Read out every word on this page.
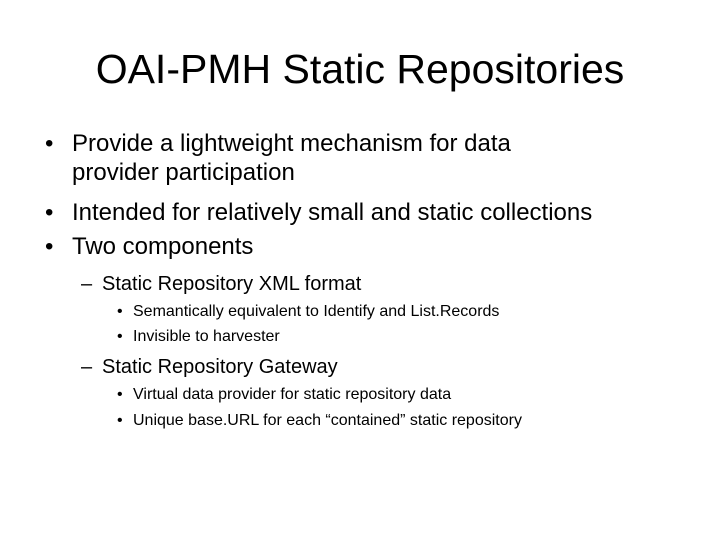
OAI-PMH Static Repositories
• Provide a lightweight mechanism for data
provider participation
• Intended for relatively small and static collections
• Two components
– Static Repository XML format
• Semantically equivalent to Identify and List.Records
• Invisible to harvester
– Static Repository Gateway
• Virtual data provider for static repository data
• Unique base.URL for each “contained” static repository
